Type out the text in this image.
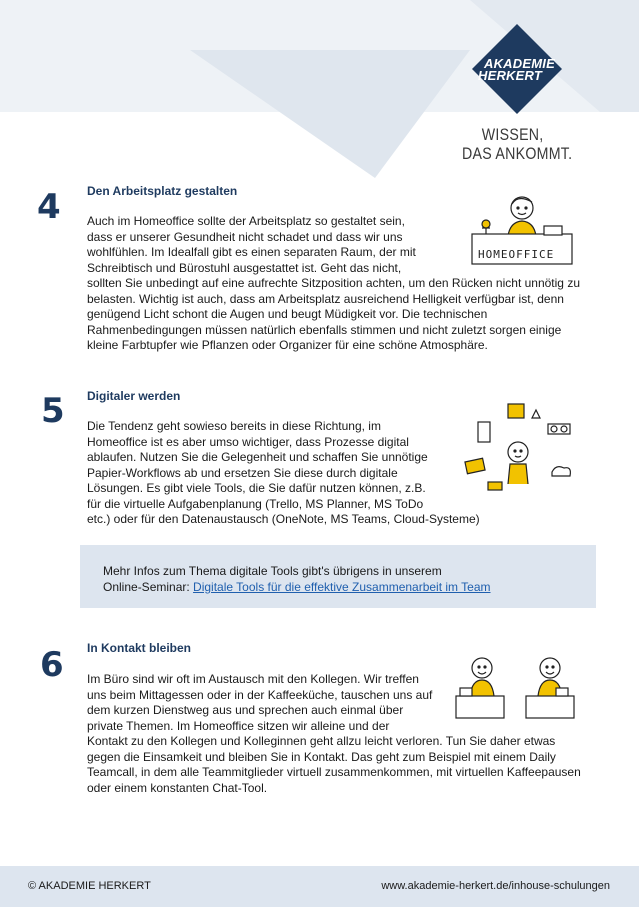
AKADEMIE
HERKERT
WISSEN,
DAS ANKOMMT.
4 Den Arbeitsplatz gestalten
Auch im Homeoffice sollte der Arbeitsplatz so gestaltet sein,
dass er unserer Gesundheit nicht schadet und dass wir uns
wohlfühlen. Im Idealfall gibt es einen separaten Raum, der mit
Schreibtisch und Bürostuhl ausgestattet ist. Geht das nicht,
sollten Sie unbedingt auf eine aufrechte Sitzposition achten, um den Rücken nicht unnötig zu
belasten. Wichtig ist auch, dass am Arbeitsplatz ausreichend Helligkeit verfügbar ist, denn
genügend Licht schont die Augen und beugt Müdigkeit vor. Die technischen
Rahmenbedingungen müssen natürlich ebenfalls stimmen und nicht zuletzt sorgen einige
kleine Farbtupfer wie Pflanzen oder Organizer für eine schöne Atmosphäre.
HOMEOFFICE
5 Digitaler werden
Die Tendenz geht sowieso bereits in diese Richtung, im
Homeoffice ist es aber umso wichtiger, dass Prozesse digital
ablaufen. Nutzen Sie die Gelegenheit und schaffen Sie unnötige
Papier-Workflows ab und ersetzen Sie diese durch digitale
Lösungen. Es gibt viele Tools, die Sie dafür nutzen können, z.B.
für die virtuelle Aufgabenplanung (Trello, MS Planner, MS ToDo
etc.) oder für den Datenaustausch (OneNote, MS Teams, Cloud-Systeme)
Mehr Infos zum Thema digitale Tools gibt's übrigens in unserem
Online-Seminar: Digitale Tools für die effektive Zusammenarbeit im Team
6 In Kontakt bleiben
Im Büro sind wir oft im Austausch mit den Kollegen. Wir treffen
uns beim Mittagessen oder in der Kaffeeküche, tauschen uns auf
dem kurzen Dienstweg aus und sprechen auch einmal über
private Themen. Im Homeoffice sitzen wir alleine und der
Kontakt zu den Kollegen und Kolleginnen geht allzu leicht verloren. Tun Sie daher etwas
gegen die Einsamkeit und bleiben Sie in Kontakt. Das geht zum Beispiel mit einem Daily
Teamcall, in dem alle Teammitglieder virtuell zusammenkommen, mit virtuellen Kaffeepausen
oder einem konstanten Chat-Tool.
© AKADEMIE HERKERT	www.akademie-herkert.de/inhouse-schulungen
